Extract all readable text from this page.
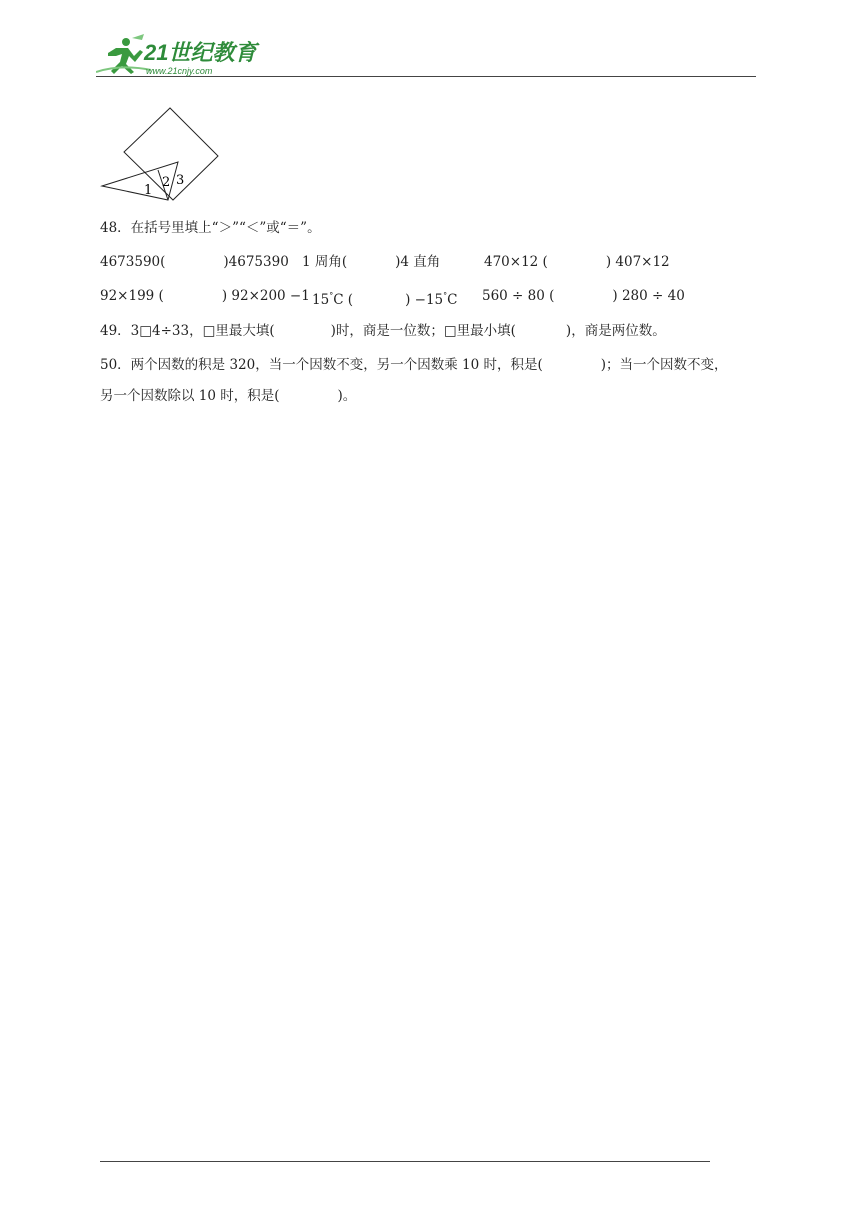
21世纪教育
www.21cnjy.com
1
2 3
48．在括号里填上“＞”“＜”或“＝”。
4673590(	)4675390 1 周角(	)4 直角	470×12 (	) 407×12
92×199 (	) 92×200 −1 15°C (	) −15°C 560 ÷ 80 (	) 280 ÷ 40
49．3□4÷33，□里最大填(	)时，商是一位数；□里最小填(	)，商是两位数。
50．两个因数的积是 320，当一个因数不变，另一个因数乘 10 时，积是(	)；当一个因数不变，
另一个因数除以 10 时，积是(	)。
